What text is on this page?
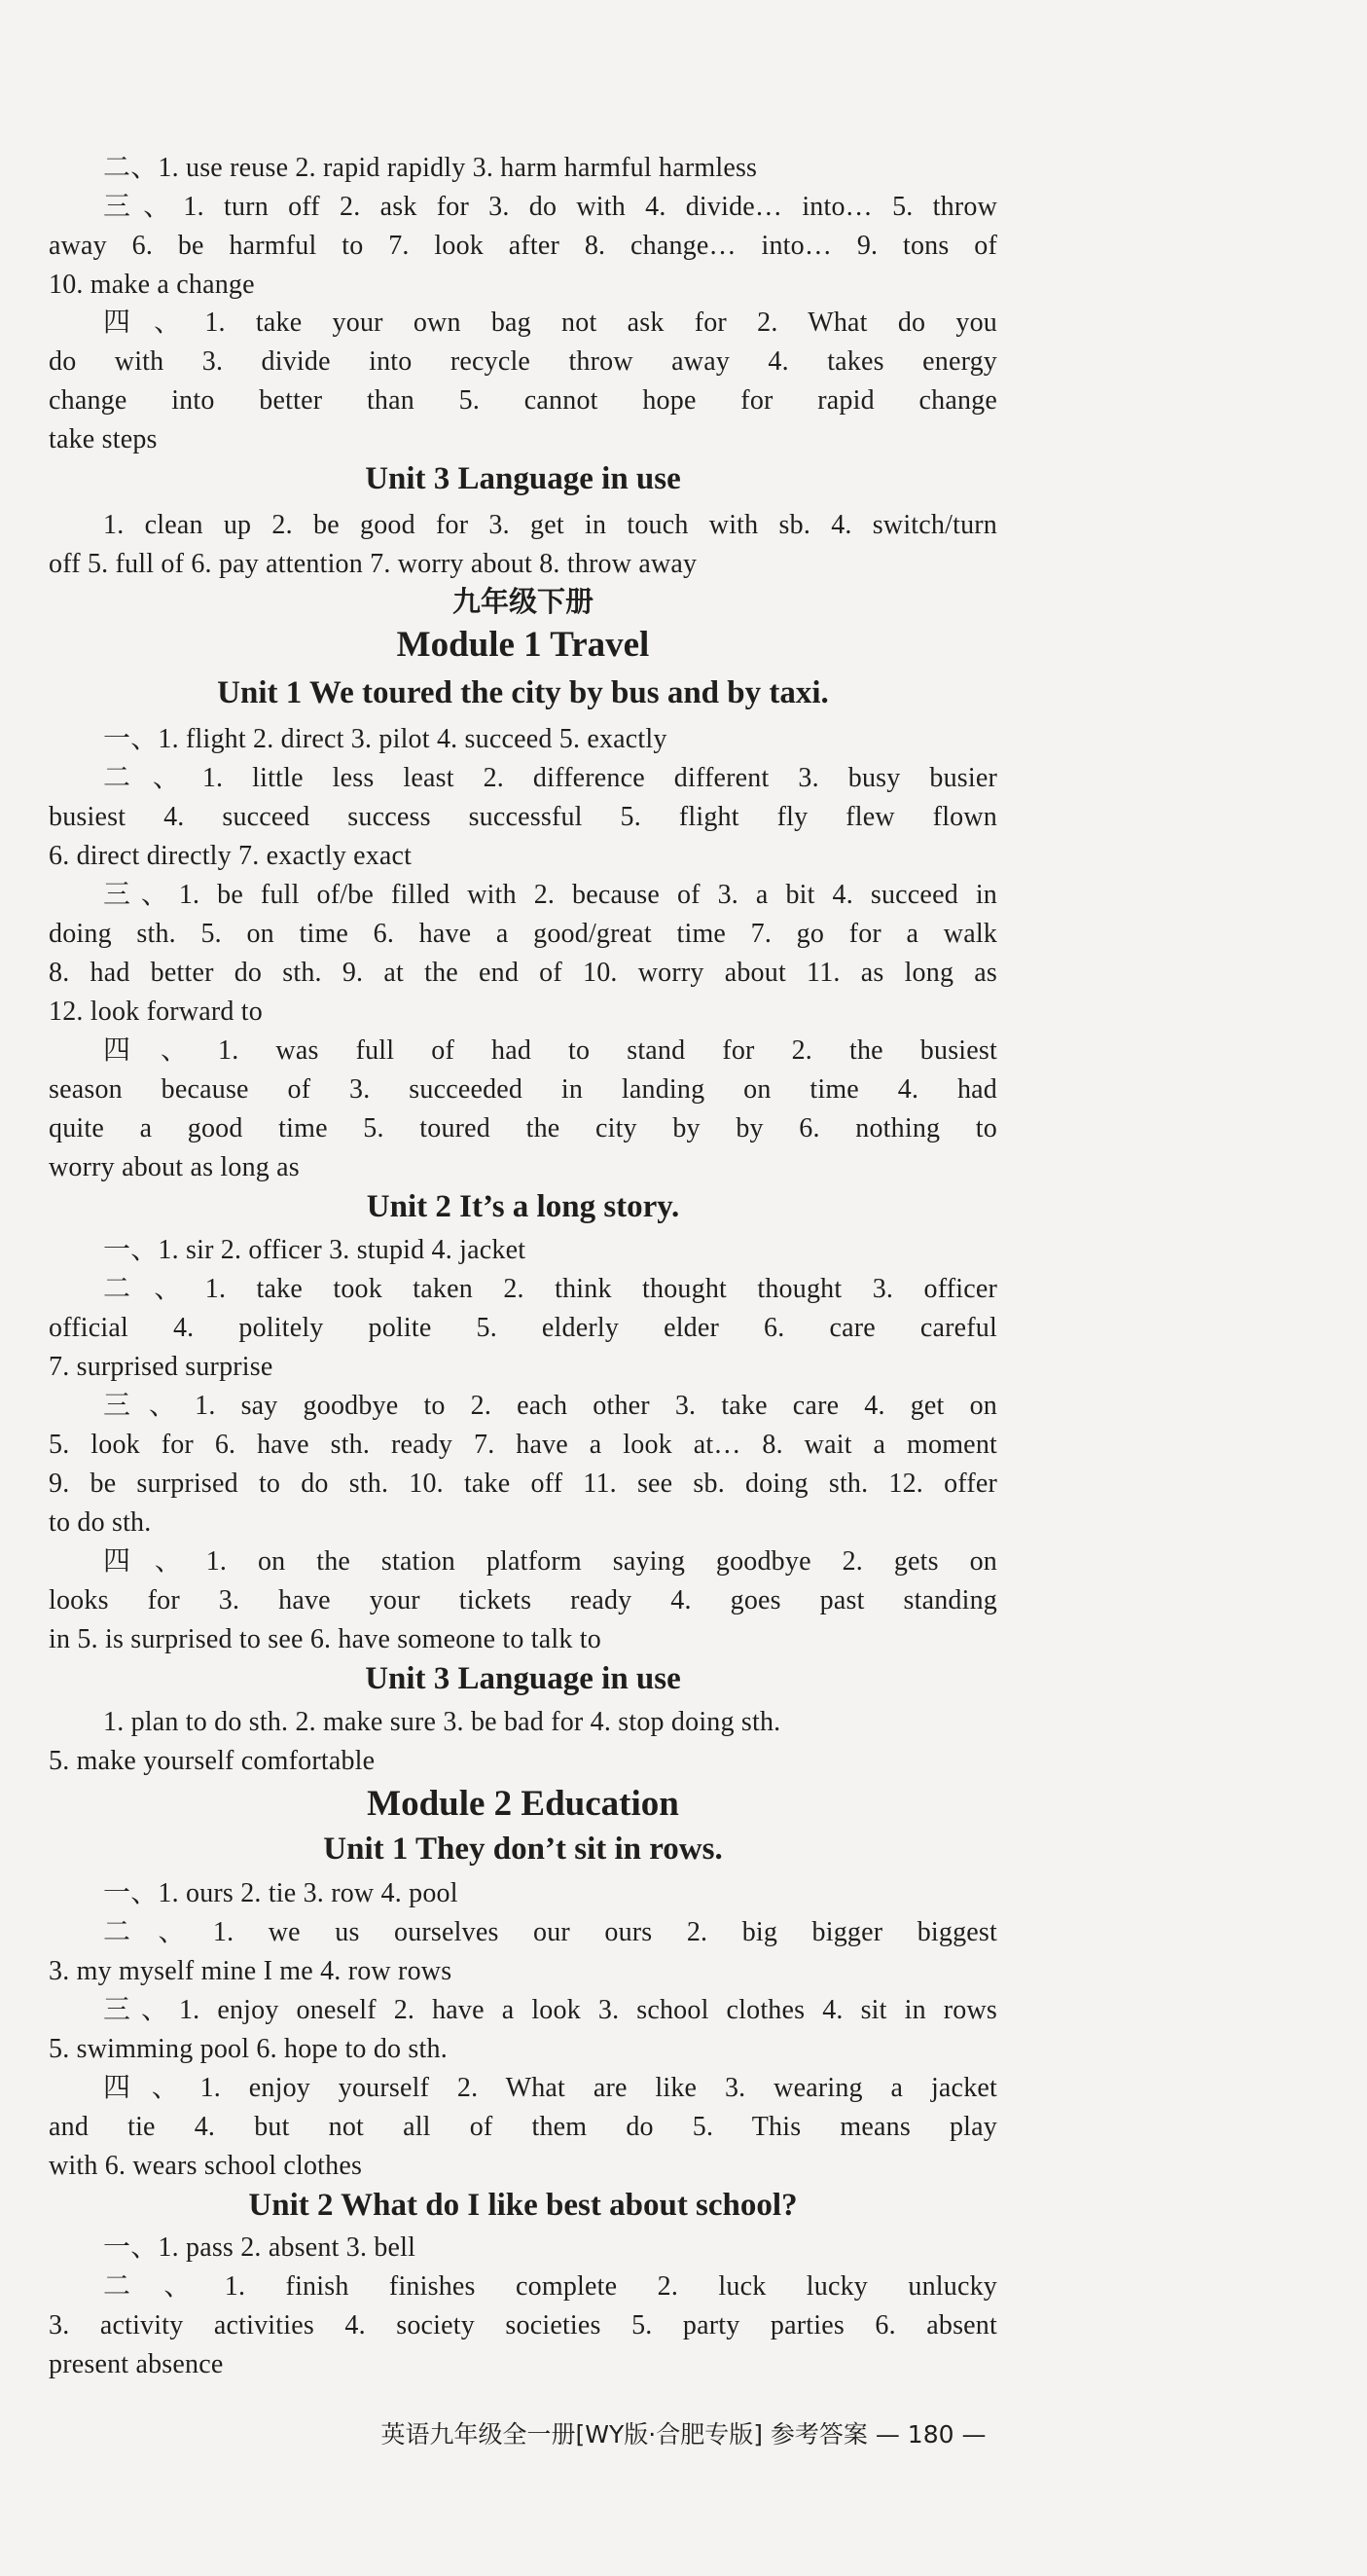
二、1. use reuse 2. rapid rapidly 3. harm harmful harmless
三、1. turn off 2. ask for 3. do with 4. divide… into… 5. throw
away 6. be harmful to 7. look after 8. change… into… 9. tons of
10. make a change
四、1. take your own bag not ask for 2. What do you
do with 3. divide into recycle throw away 4. takes energy
change into better than 5. cannot hope for rapid change
take steps
Unit 3 Language in use
1. clean up 2. be good for 3. get in touch with sb. 4. switch/turn
off 5. full of 6. pay attention 7. worry about 8. throw away
九年级下册
Module 1 Travel
Unit 1 We toured the city by bus and by taxi.
一、1. flight 2. direct 3. pilot 4. succeed 5. exactly
二、1. little less least 2. difference different 3. busy busier
busiest 4. succeed success successful 5. flight fly flew flown
6. direct directly 7. exactly exact
三、1. be full of/be filled with 2. because of 3. a bit 4. succeed in
doing sth. 5. on time 6. have a good/great time 7. go for a walk
8. had better do sth. 9. at the end of 10. worry about 11. as long as
12. look forward to
四、1. was full of had to stand for 2. the busiest
season because of 3. succeeded in landing on time 4. had
quite a good time 5. toured the city by by 6. nothing to
worry about as long as
Unit 2 It’s a long story.
一、1. sir 2. officer 3. stupid 4. jacket
二、1. take took taken 2. think thought thought 3. officer
official 4. politely polite 5. elderly elder 6. care careful
7. surprised surprise
三、1. say goodbye to 2. each other 3. take care 4. get on
5. look for 6. have sth. ready 7. have a look at… 8. wait a moment
9. be surprised to do sth. 10. take off 11. see sb. doing sth. 12. offer
to do sth.
四、1. on the station platform saying goodbye 2. gets on
looks for 3. have your tickets ready 4. goes past standing
in 5. is surprised to see 6. have someone to talk to
Unit 3 Language in use
1. plan to do sth. 2. make sure 3. be bad for 4. stop doing sth.
5. make yourself comfortable
Module 2 Education
Unit 1 They don’t sit in rows.
一、1. ours 2. tie 3. row 4. pool
二、1. we us ourselves our ours 2. big bigger biggest
3. my myself mine I me 4. row rows
三、1. enjoy oneself 2. have a look 3. school clothes 4. sit in rows
5. swimming pool 6. hope to do sth.
四、1. enjoy yourself 2. What are like 3. wearing a jacket
and tie 4. but not all of them do 5. This means play
with 6. wears school clothes
Unit 2 What do I like best about school?
一、1. pass 2. absent 3. bell
二、1. finish finishes complete 2. luck lucky unlucky
3. activity activities 4. society societies 5. party parties 6. absent
present absence
英语九年级全一册[WY版·合肥专版] 参考答案 — 180 —
